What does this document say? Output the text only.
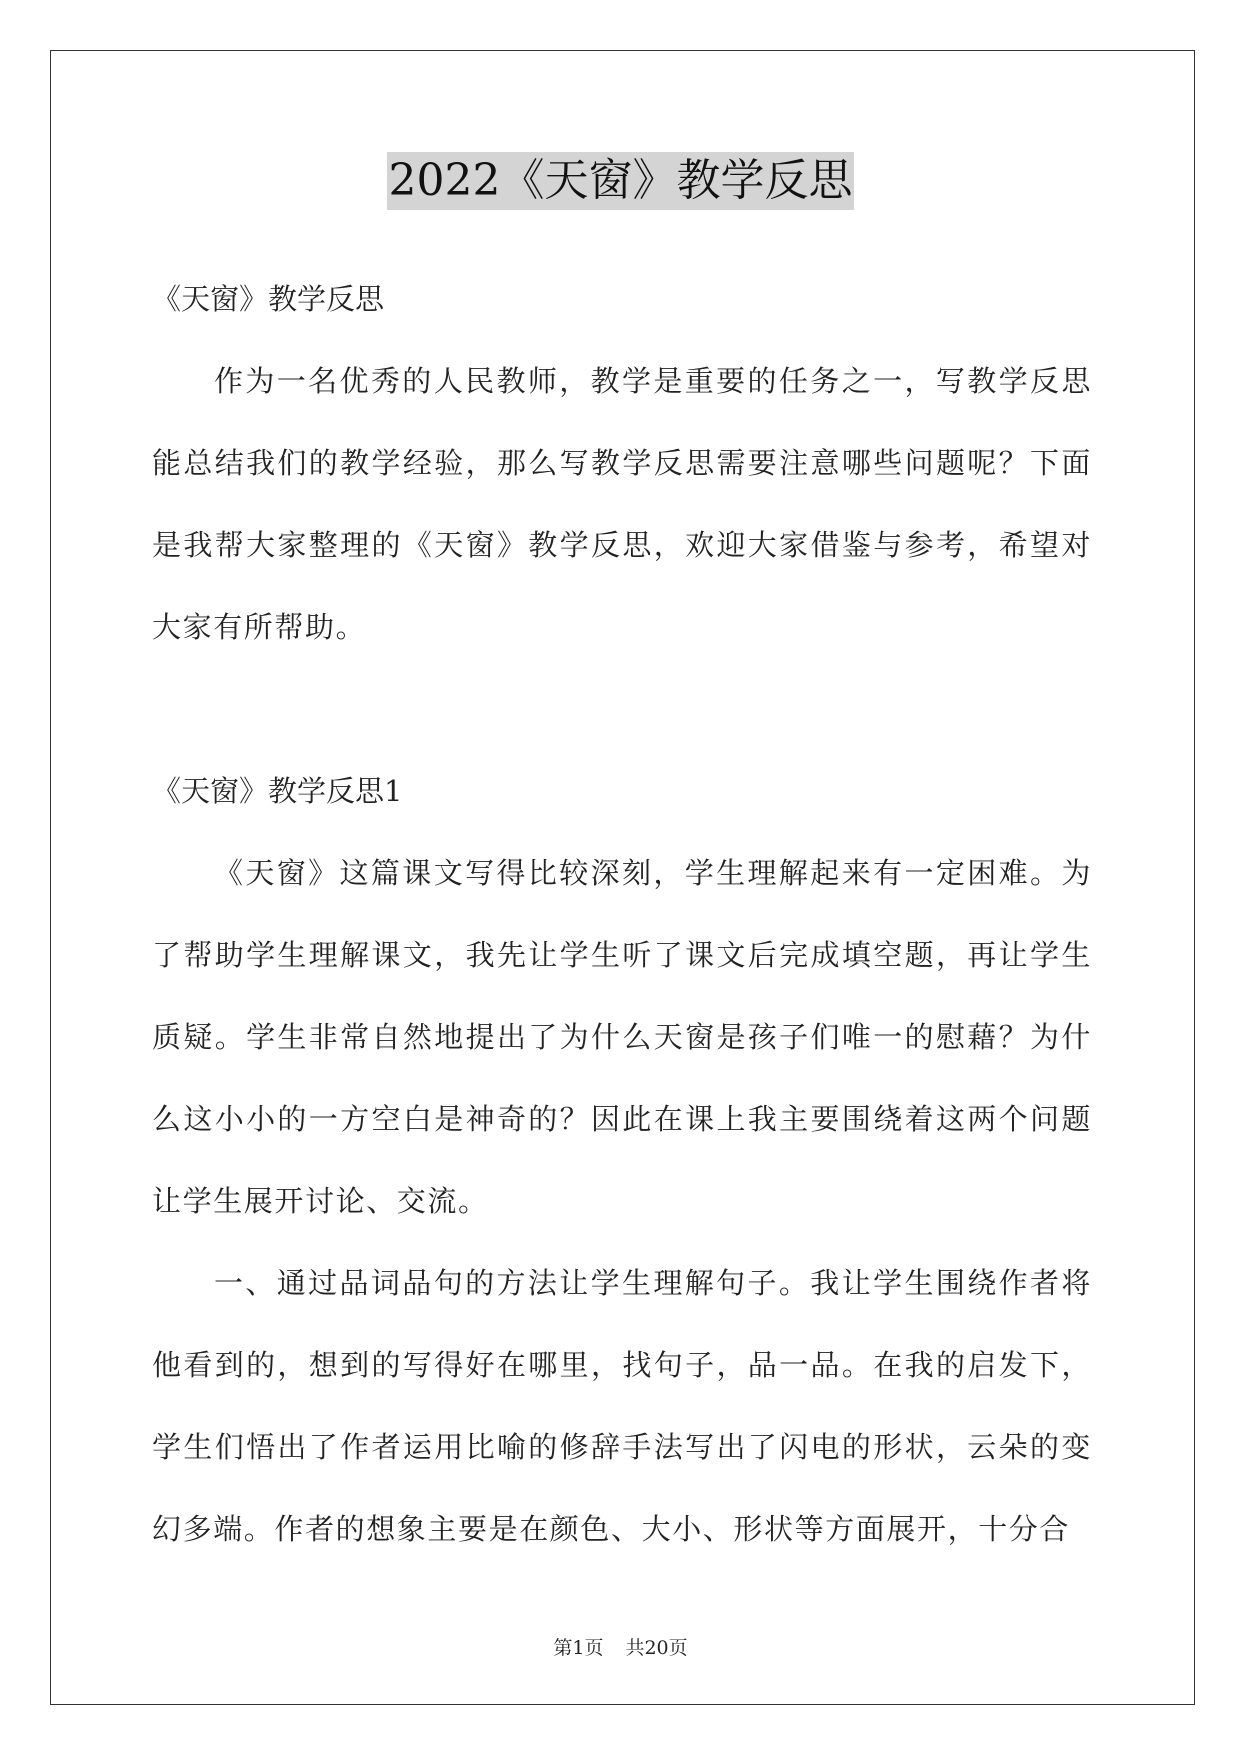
2022《天窗》教学反思

《天窗》教学反思

作为一名优秀的人民教师，教学是重要的任务之一，写教学反思能总结我们的教学经验，那么写教学反思需要注意哪些问题呢？下面是我帮大家整理的《天窗》教学反思，欢迎大家借鉴与参考，希望对大家有所帮助。

《天窗》教学反思1

《天窗》这篇课文写得比较深刻，学生理解起来有一定困难。为了帮助学生理解课文，我先让学生听了课文后完成填空题，再让学生质疑。学生非常自然地提出了为什么天窗是孩子们唯一的慰藉？为什么这小小的一方空白是神奇的？因此在课上我主要围绕着这两个问题让学生展开讨论、交流。

一、通过品词品句的方法让学生理解句子。我让学生围绕作者将他看到的，想到的写得好在哪里，找句子，品一品。在我的启发下，学生们悟出了作者运用比喻的修辞手法写出了闪电的形状，云朵的变幻多端。作者的想象主要是在颜色、大小、形状等方面展开，十分合

第1页 共20页
